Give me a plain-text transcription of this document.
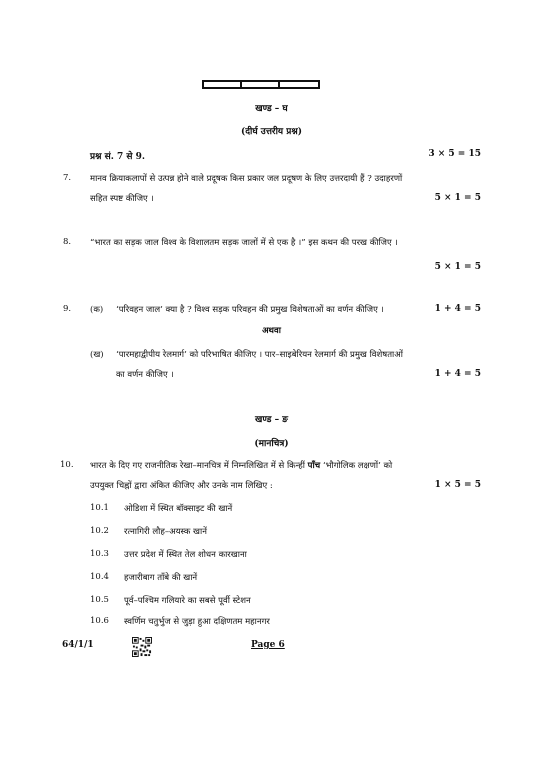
खण्ड – घ
(दीर्घ उत्तरीय प्रश्न)
प्रश्न सं. 7 से 9.	3 × 5 = 15
7. मानव क्रियाकलापों से उत्पन्न होने वाले प्रदूषक किस प्रकार जल प्रदूषण के लिए उत्तरदायी हैं ? उदाहरणों
सहित स्पष्ट कीजिए ।	5 × 1 = 5
8. “भारत का सड़क जाल विश्व के विशालतम सड़क जालों में से एक है ।” इस कथन की परख कीजिए ।
5 × 1 = 5
9. (क) ‘परिवहन जाल’ क्या है ? विश्व सड़क परिवहन की प्रमुख विशेषताओं का वर्णन कीजिए ।	1 + 4 = 5
अथवा
(ख) ‘पारमहाद्वीपीय रेलमार्ग’ को परिभाषित कीजिए । पार–साइबेरियन रेलमार्ग की प्रमुख विशेषताओं
का वर्णन कीजिए ।	1 + 4 = 5
खण्ड – ङ
(मानचित्र)
10. भारत के दिए गए राजनीतिक रेखा–मानचित्र में निम्नलिखित में से किन्हीं पाँच ‘भौगोलिक लक्षणों’ को
उपयुक्त चिह्नों द्वारा अंकित कीजिए और उनके नाम लिखिए :	1 × 5 = 5
10.1 ओडिशा में स्थित बॉक्साइट की खानें
10.2 रत्नागिरी लौह–अयस्क खानें
10.3 उत्तर प्रदेश में स्थित तेल शोधन कारखाना
10.4 हजारीबाग ताँबे की खानें
10.5 पूर्व–पश्चिम गलियारे का सबसे पूर्वी स्टेशन
10.6 स्वर्णिम चतुर्भुज से जुड़ा हुआ दक्षिणतम महानगर
64/1/1	Page 6
